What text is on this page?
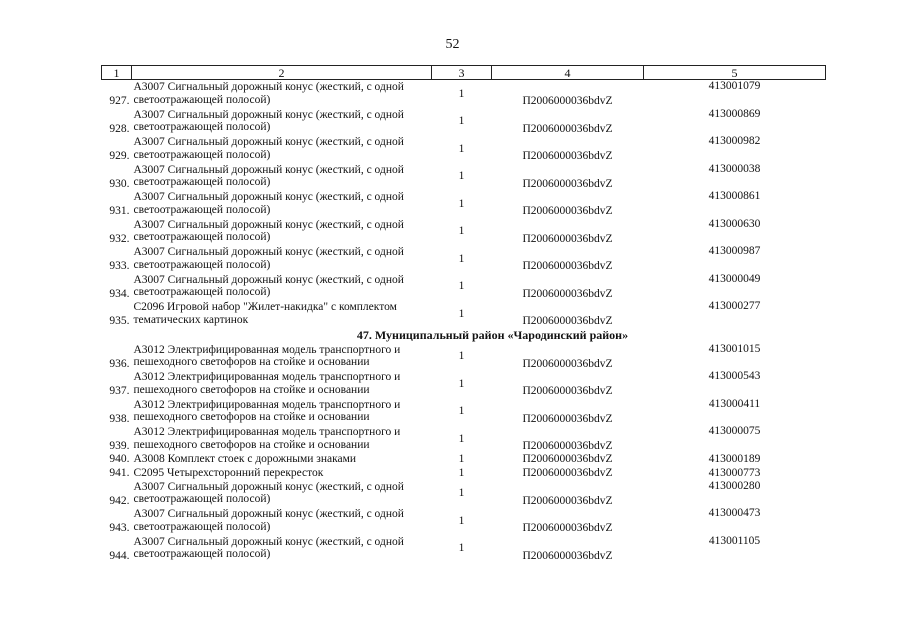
52
1	2	3	4	5
927.	А3007 Сигнальный дорожный конус (жесткий, с одной светоотражающей полосой)	1	П2006000036bdvZ	413001079
928.	А3007 Сигнальный дорожный конус (жесткий, с одной светоотражающей полосой)	1	П2006000036bdvZ	413000869
929.	А3007 Сигнальный дорожный конус (жесткий, с одной светоотражающей полосой)	1	П2006000036bdvZ	413000982
930.	А3007 Сигнальный дорожный конус (жесткий, с одной светоотражающей полосой)	1	П2006000036bdvZ	413000038
931.	А3007 Сигнальный дорожный конус (жесткий, с одной светоотражающей полосой)	1	П2006000036bdvZ	413000861
932.	А3007 Сигнальный дорожный конус (жесткий, с одной светоотражающей полосой)	1	П2006000036bdvZ	413000630
933.	А3007 Сигнальный дорожный конус (жесткий, с одной светоотражающей полосой)	1	П2006000036bdvZ	413000987
934.	А3007 Сигнальный дорожный конус (жесткий, с одной светоотражающей полосой)	1	П2006000036bdvZ	413000049
935.	С2096 Игровой набор "Жилет-накидка" с комплектом тематических картинок	1	П2006000036bdvZ	413000277
47. Муниципальный район «Чародинский район»				
936.	А3012 Электрифицированная модель транспортного и пешеходного светофоров на стойке и основании	1	П2006000036bdvZ	413001015
937.	А3012 Электрифицированная модель транспортного и пешеходного светофоров на стойке и основании	1	П2006000036bdvZ	413000543
938.	А3012 Электрифицированная модель транспортного и пешеходного светофоров на стойке и основании	1	П2006000036bdvZ	413000411
939.	А3012 Электрифицированная модель транспортного и пешеходного светофоров на стойке и основании	1	П2006000036bdvZ	413000075
940.	А3008 Комплект стоек с дорожными знаками	1	П2006000036bdvZ	413000189
941.	С2095 Четырехсторонний перекресток	1	П2006000036bdvZ	413000773
942.	А3007 Сигнальный дорожный конус (жесткий, с одной светоотражающей полосой)	1	П2006000036bdvZ	413000280
943.	А3007 Сигнальный дорожный конус (жесткий, с одной светоотражающей полосой)	1	П2006000036bdvZ	413000473
944.	А3007 Сигнальный дорожный конус (жесткий, с одной светоотражающей полосой)	1	П2006000036bdvZ	413001105
